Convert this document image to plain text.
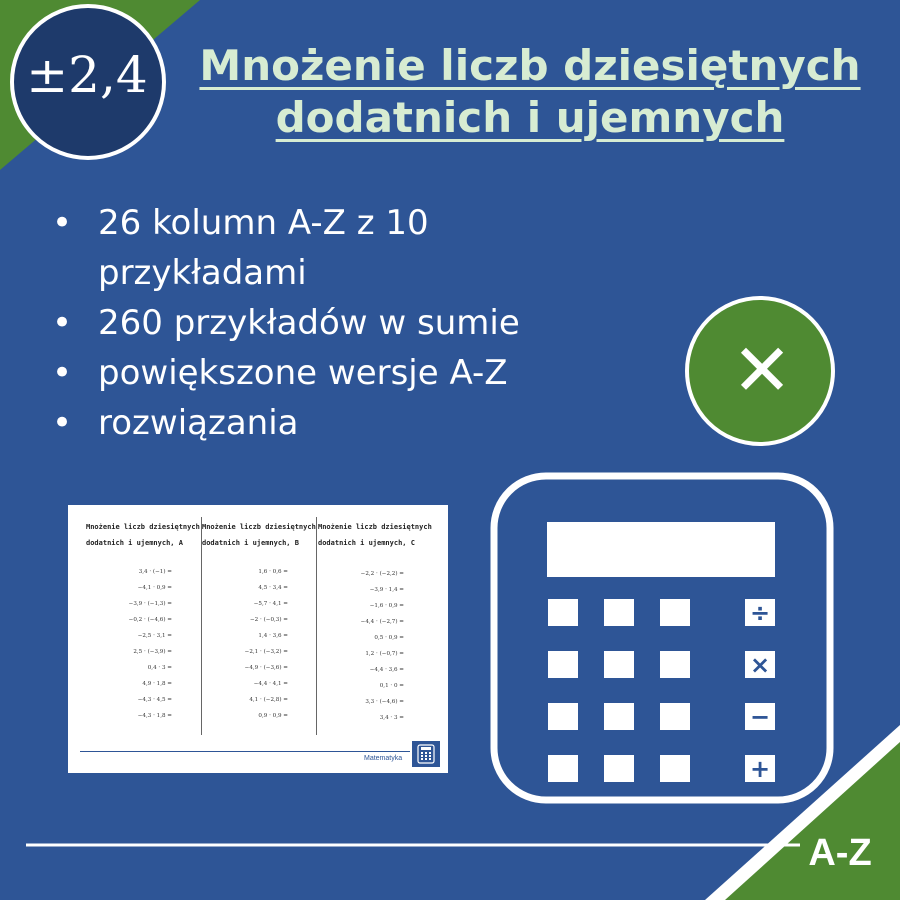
÷
×
−
+
±2,4	Mnożenie liczb dziesiętnych
dodatnich i ujemnych
• 26 kolumn A-Z z 10 przykładami
• 260 przykładów w sumie
• powiększone wersje A-Z
• rozwiązania
✕
Mnożenie liczb dziesiętnych
dodatnich i ujemnych, A
3,4 · (−1) =
−4,1 · 0,9 =
−3,9 · (−1,3) =
−0,2 · (−4,6) =
−2,5 · 3,1 =
2,5 · (−3,9) =
0,4 · 3 =
4,9 · 1,8 =
−4,3 · 4,5 =
−4,3 · 1,8 =
Mnożenie liczb dziesiętnych
dodatnich i ujemnych, B
1,6 · 0,6 =
4,5 · 3,4 =
−5,7 · 4,1 =
−2 · (−0,3) =
1,4 · 3,6 =
−2,1 · (−3,2) =
−4,9 · (−3,6) =
−4,4 · 4,1 =
4,1 · (−2,8) =
0,9 · 0,9 =
Mnożenie liczb dziesiętnych
dodatnich i ujemnych, C
−2,2 · (−2,2) =
−3,9 · 1,4 =
−1,6 · 0,9 =
−4,4 · (−2,7) =
0,5 · 0,9 =
1,2 · (−0,7) =
−4,4 · 3,6 =
0,1 · 0 =
3,3 · (−4,6) =
3,4 · 3 =
Matematyka
A-Z
